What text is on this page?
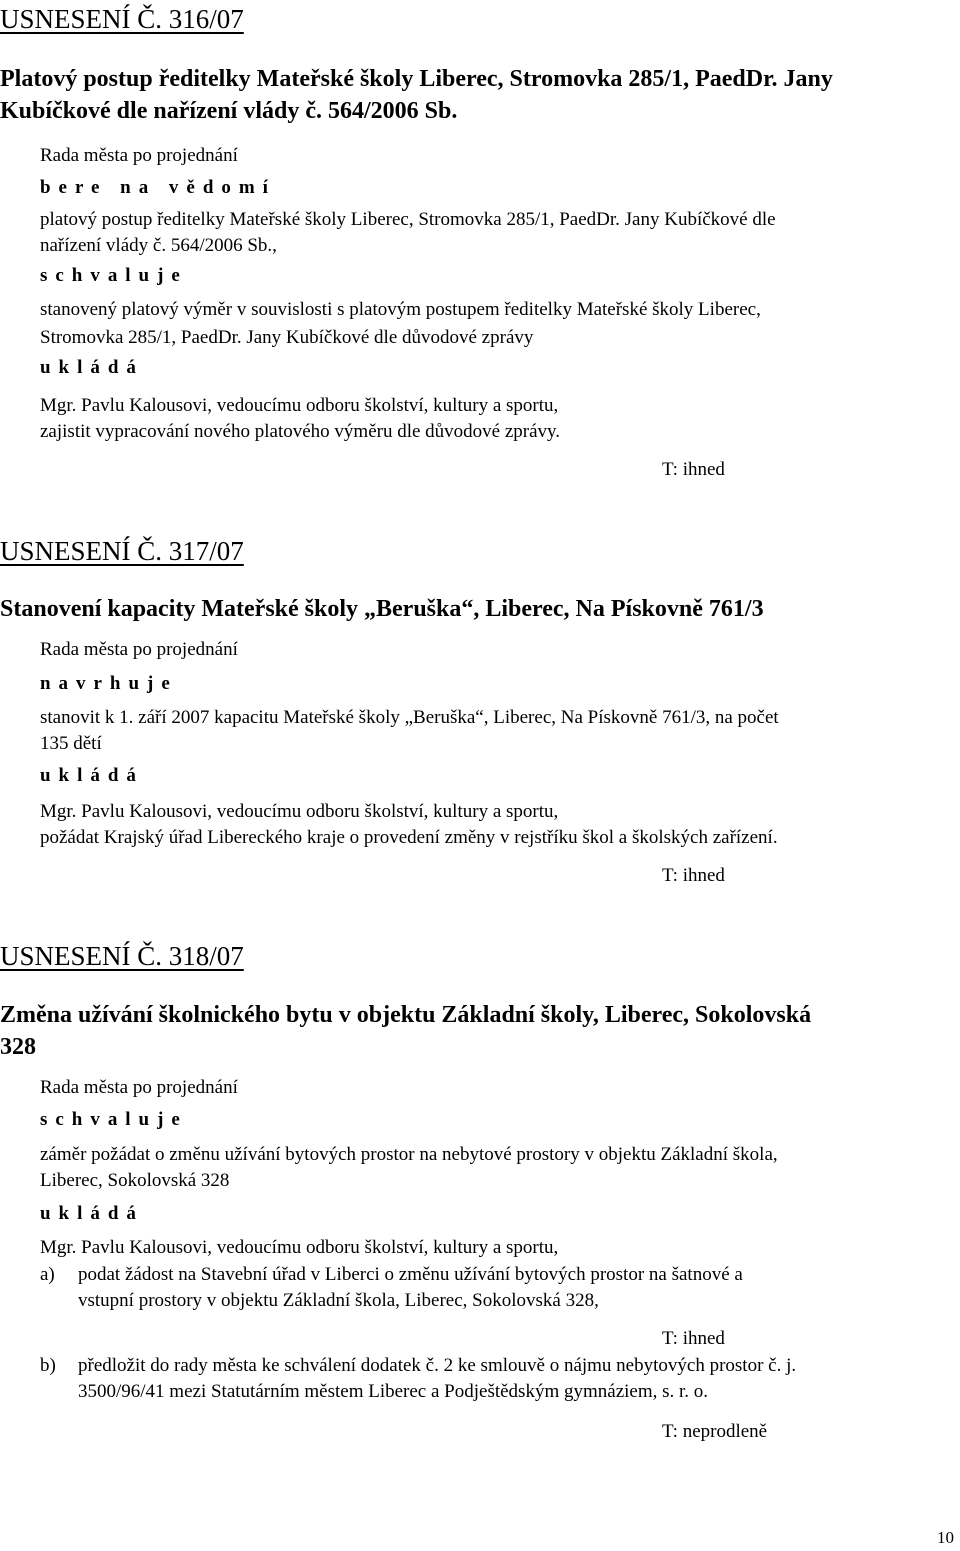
USNESENÍ Č. 316/07
Platový postup ředitelky Mateřské školy Liberec, Stromovka 285/1, PaedDr. Jany
Kubíčkové dle nařízení vlády č. 564/2006 Sb.
Rada města po projednání
bere na vědomí
platový postup ředitelky Mateřské školy Liberec, Stromovka 285/1, PaedDr. Jany Kubíčkové dle
nařízení vlády č. 564/2006 Sb.,
schvaluje
stanovený platový výměr v souvislosti s platovým postupem ředitelky Mateřské školy Liberec,
Stromovka 285/1, PaedDr. Jany Kubíčkové dle důvodové zprávy
ukládá
Mgr. Pavlu Kalousovi, vedoucímu odboru školství, kultury a sportu,
zajistit vypracování nového platového výměru dle důvodové zprávy.
T: ihned
USNESENÍ Č. 317/07
Stanovení kapacity Mateřské školy „Beruška“, Liberec, Na Pískovně 761/3
Rada města po projednání
navrhuje
stanovit k 1. září 2007 kapacitu Mateřské školy „Beruška“, Liberec, Na Pískovně 761/3, na počet
135 dětí
ukládá
Mgr. Pavlu Kalousovi, vedoucímu odboru školství, kultury a sportu,
požádat Krajský úřad Libereckého kraje o provedení změny v rejstříku škol a školských zařízení.
T: ihned
USNESENÍ Č. 318/07
Změna užívání školnického bytu v objektu Základní školy, Liberec, Sokolovská
328
Rada města po projednání
schvaluje
záměr požádat o změnu užívání bytových prostor na nebytové prostory v objektu Základní škola,
Liberec, Sokolovská 328
ukládá
Mgr. Pavlu Kalousovi, vedoucímu odboru školství, kultury a sportu,
a) podat žádost na Stavební úřad v Liberci o změnu užívání bytových prostor na šatnové a
vstupní prostory v objektu Základní škola, Liberec, Sokolovská 328,
T: ihned
b) předložit do rady města ke schválení dodatek č. 2 ke smlouvě o nájmu nebytových prostor č. j.
3500/96/41 mezi Statutárním městem Liberec a Podještědským gymnáziem, s. r. o.
T: neprodleně
10
